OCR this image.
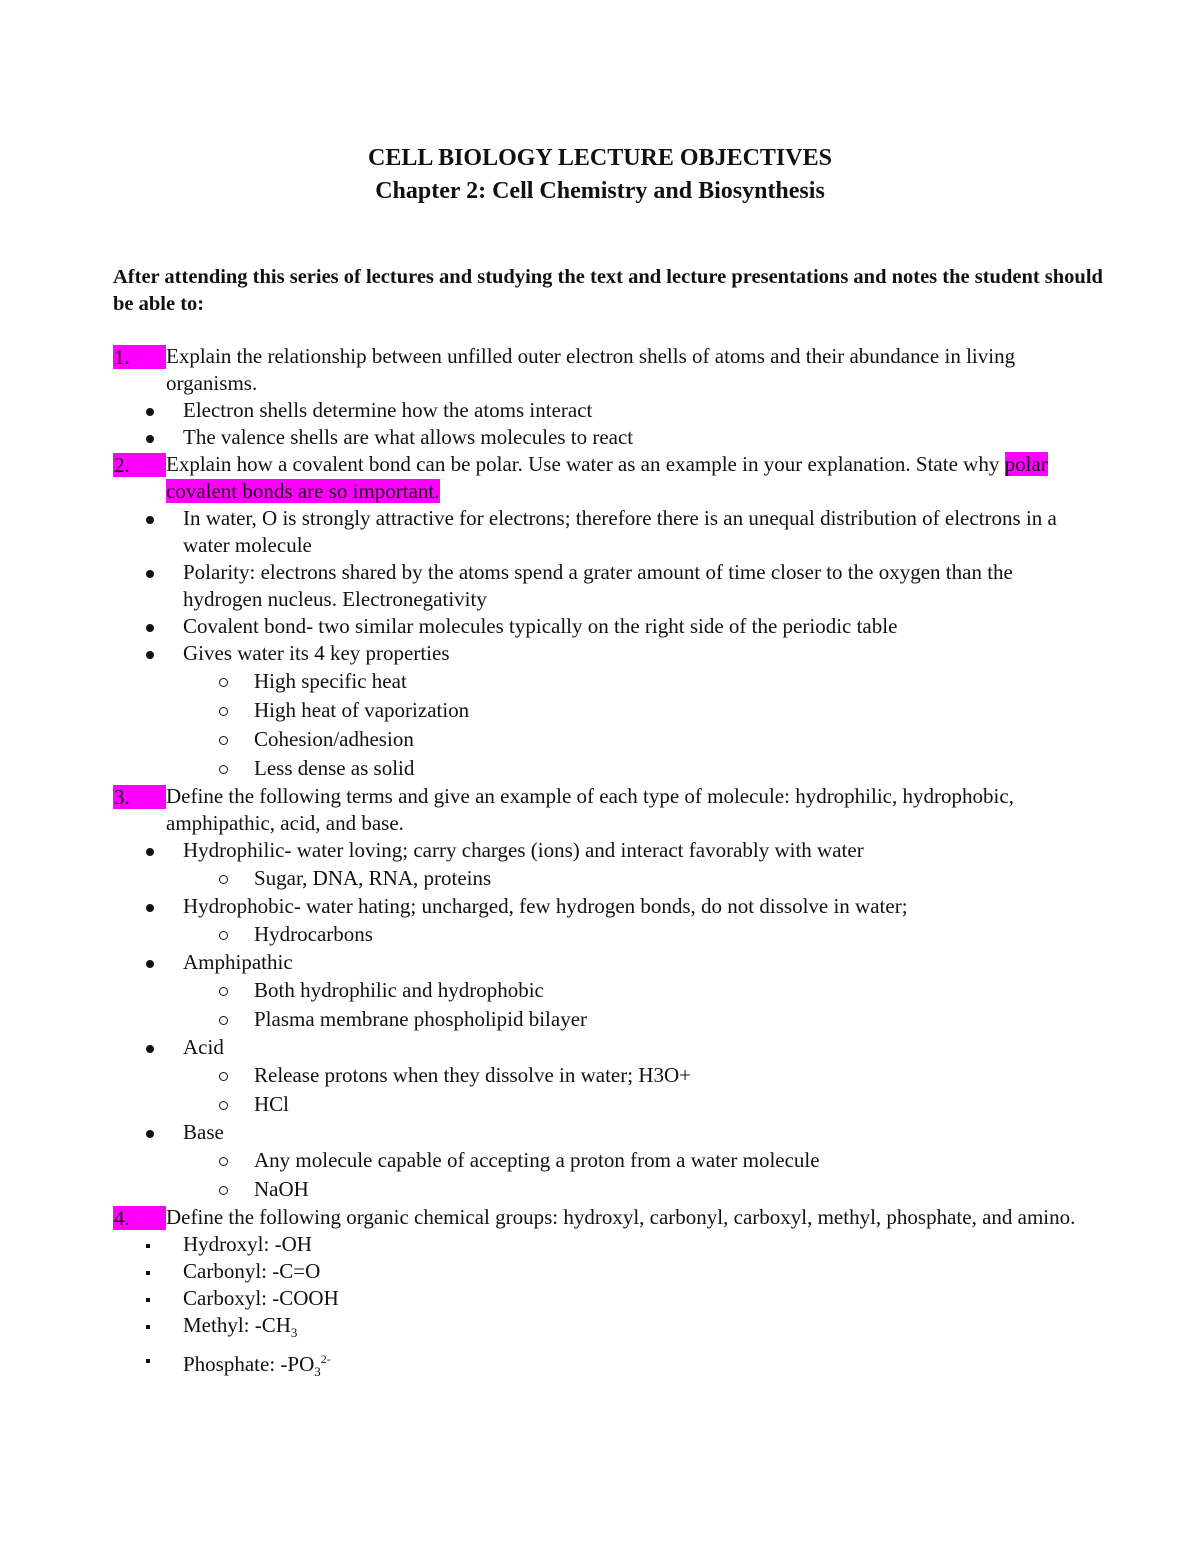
CELL BIOLOGY LECTURE OBJECTIVES
Chapter 2: Cell Chemistry and Biosynthesis

After attending this series of lectures and studying the text and lecture presentations and notes the student should be able to:

1.	Explain the relationship between unfilled outer electron shells of atoms and their abundance in living organisms.
Electron shells determine how the atoms interact
The valence shells are what allows molecules to react
2.	Explain how a covalent bond can be polar. Use water as an example in your explanation. State why polar covalent bonds are so important.
In water, O is strongly attractive for electrons; therefore there is an unequal distribution of electrons in a water molecule
Polarity: electrons shared by the atoms spend a grater amount of time closer to the oxygen than the hydrogen nucleus. Electronegativity
Covalent bond- two similar molecules typically on the right side of the periodic table
Gives water its 4 key properties
High specific heat
High heat of vaporization
Cohesion/adhesion
Less dense as solid
3.	Define the following terms and give an example of each type of molecule: hydrophilic, hydrophobic, amphipathic, acid, and base.
Hydrophilic- water loving; carry charges (ions) and interact favorably with water
Sugar, DNA, RNA, proteins
Hydrophobic- water hating; uncharged, few hydrogen bonds, do not dissolve in water;
Hydrocarbons
Amphipathic
Both hydrophilic and hydrophobic
Plasma membrane phospholipid bilayer
Acid
Release protons when they dissolve in water; H3O+
HCl
Base
Any molecule capable of accepting a proton from a water molecule
NaOH
4.	Define the following organic chemical groups: hydroxyl, carbonyl, carboxyl, methyl, phosphate, and amino.
Hydroxyl: -OH
Carbonyl: -C=O
Carboxyl: -COOH
Methyl: $-CH_3$
Phosphate: $-PO_3^{2-}$
